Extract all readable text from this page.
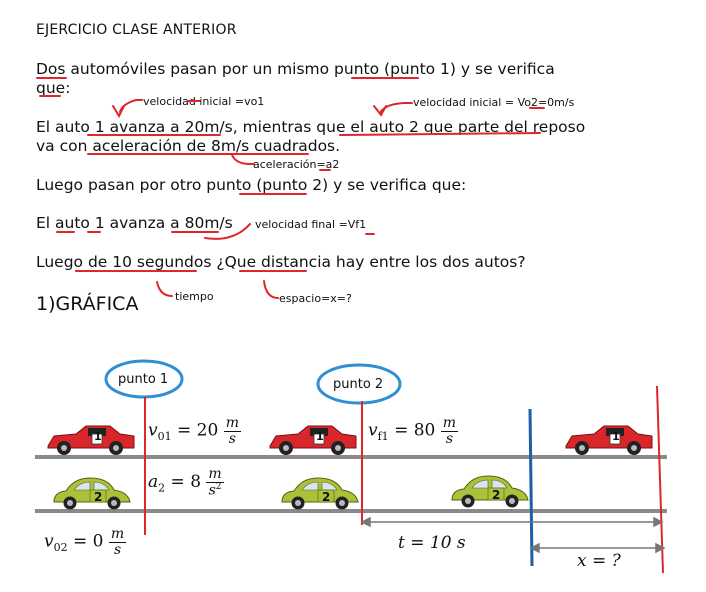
EJERCICIO CLASE ANTERIOR
Dos automóviles pasan por un mismo punto (punto 1) y se verifica
que:
El auto 1 avanza a 20m/s, mientras que el auto 2 que parte del reposo
va con aceleración de 8m/s cuadrados.
Luego pasan por otro punto (punto 2) y se verifica que:
El auto 1 avanza a 80m/s
Luego de 10 segundos ¿Que distancia hay entre los dos autos?
velocidad inicial =vo1	velocidad inicial = Vo2=0m/s
aceleración=a2
velocidad final =Vf1
tiempo	espacio=x=?
1)GRÁFICA
1	1	1
2	2	2
punto 1	punto 2
$v_{01} = 20 \frac{m}{s}$
$a_2 = 8 \frac{m}{s^2}$
$v_{f1} = 80 \frac{m}{s}$
$v_{02} = 0 \frac{m}{s}$	t = 10 s
x = ?
